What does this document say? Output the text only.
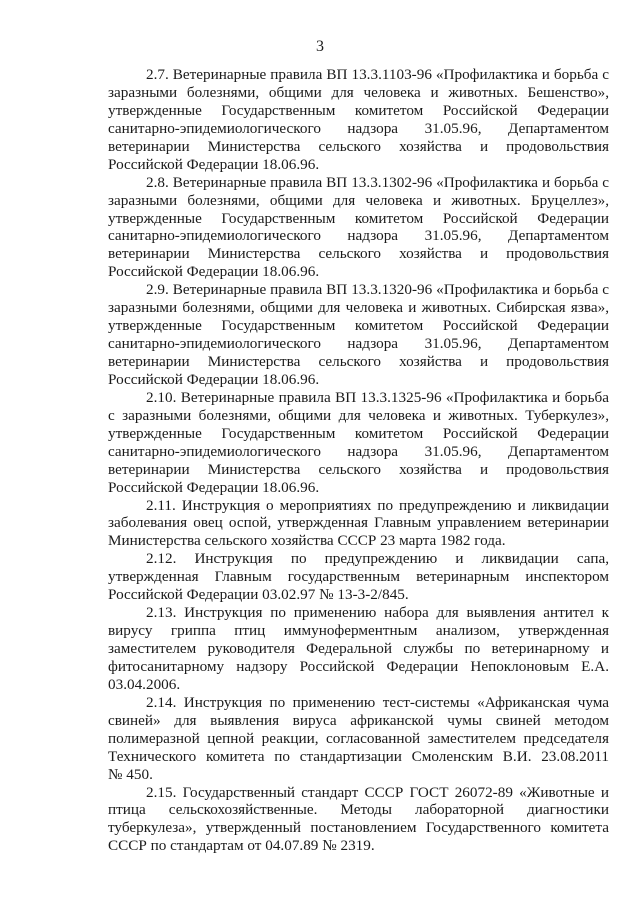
3
2.7. Ветеринарные правила ВП 13.3.1103-96 «Профилактика и борьба с
заразными болезнями, общими для человека и животных. Бешенство»,
утвержденные Государственным комитетом Российской Федерации
санитарно-эпидемиологического надзора 31.05.96, Департаментом
ветеринарии Министерства сельского хозяйства и продовольствия
Российской Федерации 18.06.96.
2.8. Ветеринарные правила ВП 13.3.1302-96 «Профилактика и борьба с
заразными болезнями, общими для человека и животных. Бруцеллез»,
утвержденные Государственным комитетом Российской Федерации
санитарно-эпидемиологического надзора 31.05.96, Департаментом
ветеринарии Министерства сельского хозяйства и продовольствия
Российской Федерации 18.06.96.
2.9. Ветеринарные правила ВП 13.3.1320-96 «Профилактика и борьба с
заразными болезнями, общими для человека и животных. Сибирская язва»,
утвержденные Государственным комитетом Российской Федерации
санитарно-эпидемиологического надзора 31.05.96, Департаментом
ветеринарии Министерства сельского хозяйства и продовольствия
Российской Федерации 18.06.96.
2.10. Ветеринарные правила ВП 13.3.1325-96 «Профилактика и борьба
с заразными болезнями, общими для человека и животных. Туберкулез»,
утвержденные Государственным комитетом Российской Федерации
санитарно-эпидемиологического надзора 31.05.96, Департаментом
ветеринарии Министерства сельского хозяйства и продовольствия
Российской Федерации 18.06.96.
2.11. Инструкция о мероприятиях по предупреждению и ликвидации
заболевания овец оспой, утвержденная Главным управлением ветеринарии
Министерства сельского хозяйства СССР 23 марта 1982 года.
2.12. Инструкция по предупреждению и ликвидации сапа,
утвержденная Главным государственным ветеринарным инспектором
Российской Федерации 03.02.97 № 13-3-2/845.
2.13. Инструкция по применению набора для выявления антител к
вирусу гриппа птиц иммуноферментным анализом, утвержденная
заместителем руководителя Федеральной службы по ветеринарному и
фитосанитарному надзору Российской Федерации Непоклоновым Е.А.
03.04.2006.
2.14. Инструкция по применению тест-системы «Африканская чума
свиней» для выявления вируса африканской чумы свиней методом
полимеразной цепной реакции, согласованной заместителем председателя
Технического комитета по стандартизации Смоленским В.И. 23.08.2011
№ 450.
2.15. Государственный стандарт СССР ГОСТ 26072-89 «Животные и
птица сельскохозяйственные. Методы лабораторной диагностики
туберкулеза», утвержденный постановлением Государственного комитета
СССР по стандартам от 04.07.89 № 2319.
